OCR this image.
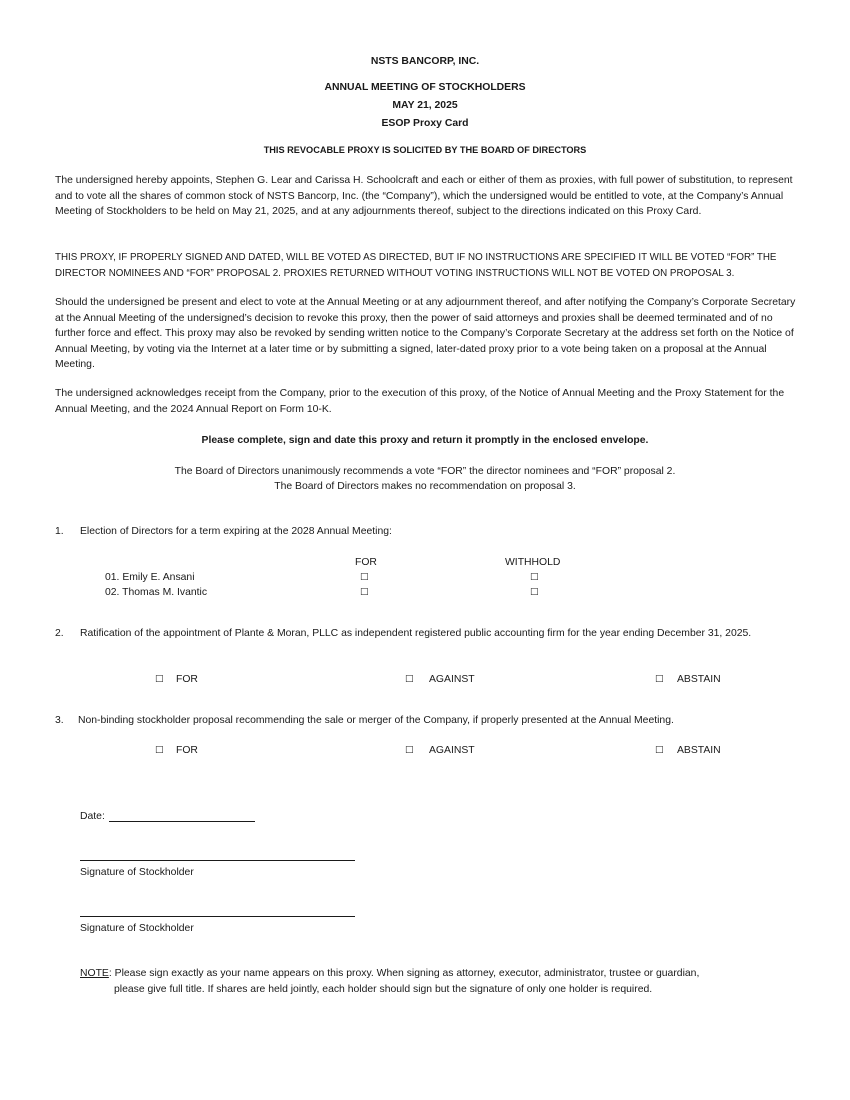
NSTS BANCORP, INC.
ANNUAL MEETING OF STOCKHOLDERS
MAY 21, 2025
ESOP Proxy Card
THIS REVOCABLE PROXY IS SOLICITED BY THE BOARD OF DIRECTORS
The undersigned hereby appoints, Stephen G. Lear and Carissa H. Schoolcraft and each or either of them as proxies, with full power of substitution, to represent and to vote all the shares of common stock of NSTS Bancorp, Inc. (the “Company”), which the undersigned would be entitled to vote, at the Company’s Annual Meeting of Stockholders to be held on May 21, 2025, and at any adjournments thereof, subject to the directions indicated on this Proxy Card.
THIS PROXY, IF PROPERLY SIGNED AND DATED, WILL BE VOTED AS DIRECTED, BUT IF NO INSTRUCTIONS ARE SPECIFIED IT WILL BE VOTED “FOR” THE DIRECTOR NOMINEES AND “FOR” PROPOSAL 2. PROXIES RETURNED WITHOUT VOTING INSTRUCTIONS WILL NOT BE VOTED ON PROPOSAL 3.
Should the undersigned be present and elect to vote at the Annual Meeting or at any adjournment thereof, and after notifying the Company’s Corporate Secretary at the Annual Meeting of the undersigned’s decision to revoke this proxy, then the power of said attorneys and proxies shall be deemed terminated and of no further force and effect. This proxy may also be revoked by sending written notice to the Company’s Corporate Secretary at the address set forth on the Notice of Annual Meeting, by voting via the Internet at a later time or by submitting a signed, later-dated proxy prior to a vote being taken on a proposal at the Annual Meeting.
The undersigned acknowledges receipt from the Company, prior to the execution of this proxy, of the Notice of Annual Meeting and the Proxy Statement for the Annual Meeting, and the 2024 Annual Report on Form 10-K.
Please complete, sign and date this proxy and return it promptly in the enclosed envelope.
The Board of Directors unanimously recommends a vote “FOR” the director nominees and “FOR” proposal 2.
The Board of Directors makes no recommendation on proposal 3.
1. Election of Directors for a term expiring at the 2028 Annual Meeting:
FOR	WITHHOLD
01. Emily E. Ansani	□	□
02. Thomas M. Ivantic	□	□
2. Ratification of the appointment of Plante & Moran, PLLC as independent registered public accounting firm for the year ending December 31, 2025.
□ FOR	□ AGAINST	□ ABSTAIN
3. Non-binding stockholder proposal recommending the sale or merger of the Company, if properly presented at the Annual Meeting.
□ FOR	□ AGAINST	□ ABSTAIN
Date:
Signature of Stockholder
Signature of Stockholder
NOTE: Please sign exactly as your name appears on this proxy. When signing as attorney, executor, administrator, trustee or guardian,
please give full title. If shares are held jointly, each holder should sign but the signature of only one holder is required.
